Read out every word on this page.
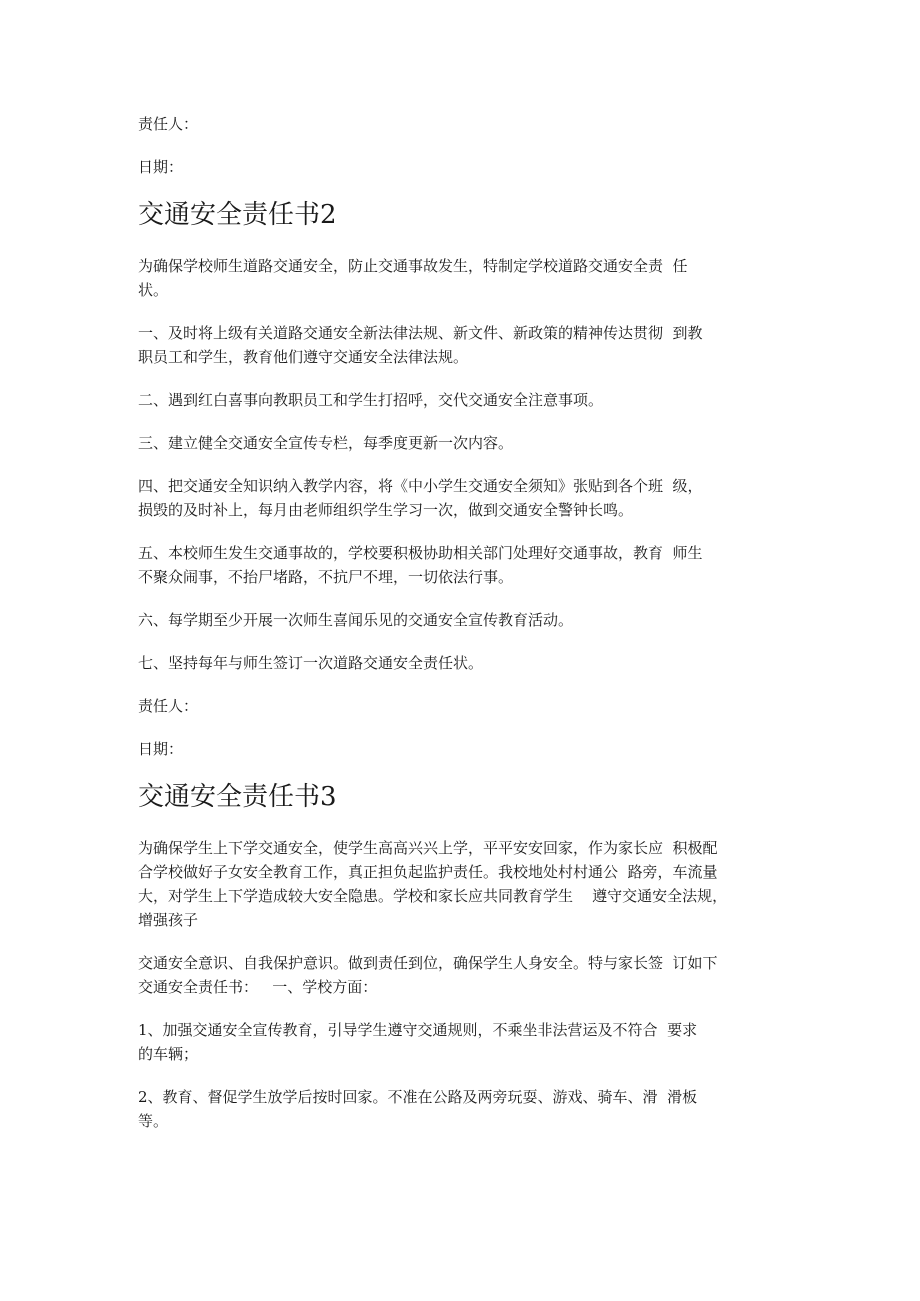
责任人：

日期：

交通安全责任书2

为确保学校师生道路交通安全，防止交通事故发生，特制定学校道路交通安全责  任
状。

一、及时将上级有关道路交通安全新法律法规、新文件、新政策的精神传达贯彻  到教
职员工和学生，教育他们遵守交通安全法律法规。

二、遇到红白喜事向教职员工和学生打招呼，交代交通安全注意事项。

三、建立健全交通安全宣传专栏，每季度更新一次内容。

四、把交通安全知识纳入教学内容，将《中小学生交通安全须知》张贴到各个班  级，
损毁的及时补上，每月由老师组织学生学习一次，做到交通安全警钟长鸣。

五、本校师生发生交通事故的，学校要积极协助相关部门处理好交通事故，教育  师生
不聚众闹事，不抬尸堵路，不抗尸不埋，一切依法行事。

六、每学期至少开展一次师生喜闻乐见的交通安全宣传教育活动。

七、坚持每年与师生签订一次道路交通安全责任状。

责任人：

日期：

交通安全责任书3

为确保学生上下学交通安全，使学生高高兴兴上学，平平安安回家，作为家长应  积极配
合学校做好子女安全教育工作，真正担负起监护责任。我校地处村村通公  路旁，车流量
大，对学生上下学造成较大安全隐患。学校和家长应共同教育学生    遵守交通安全法规，
增强孩子

交通安全意识、自我保护意识。做到责任到位，确保学生人身安全。特与家长签  订如下
交通安全责任书：   一、学校方面：

1、加强交通安全宣传教育，引导学生遵守交通规则，不乘坐非法营运及不符合  要求
的车辆；

2、教育、督促学生放学后按时回家。不准在公路及两旁玩耍、游戏、骑车、滑  滑板
等。
